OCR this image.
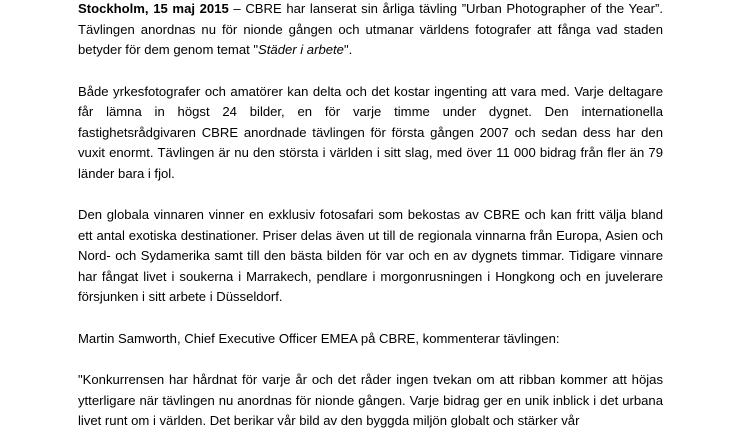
Stockholm, 15 maj 2015 – CBRE har lanserat sin årliga tävling ”Urban Photographer of the Year”. Tävlingen anordnas nu för nionde gången och utmanar världens fotografer att fånga vad staden betyder för dem genom temat "Städer i arbete".

Både yrkesfotografer och amatörer kan delta och det kostar ingenting att vara med. Varje deltagare får lämna in högst 24 bilder, en för varje timme under dygnet. Den internationella fastighetsrådgivaren CBRE anordnade tävlingen för första gången 2007 och sedan dess har den vuxit enormt. Tävlingen är nu den största i världen i sitt slag, med över 11 000 bidrag från fler än 79 länder bara i fjol.

Den globala vinnaren vinner en exklusiv fotosafari som bekostas av CBRE och kan fritt välja bland ett antal exotiska destinationer. Priser delas även ut till de regionala vinnarna från Europa, Asien och Nord- och Sydamerika samt till den bästa bilden för var och en av dygnets timmar. Tidigare vinnare har fångat livet i soukerna i Marrakech, pendlare i morgonrusningen i Hongkong och en juvelerare försjunken i sitt arbete i Düsseldorf.

Martin Samworth, Chief Executive Officer EMEA på CBRE, kommenterar tävlingen:

"Konkurrensen har hårdnat för varje år och det råder ingen tvekan om att ribban kommer att höjas ytterligare när tävlingen nu anordnas för nionde gången. Varje bidrag ger en unik inblick i det urbana livet runt om i världen. Det berikar vår bild av den byggda miljön globalt och stärker vår
